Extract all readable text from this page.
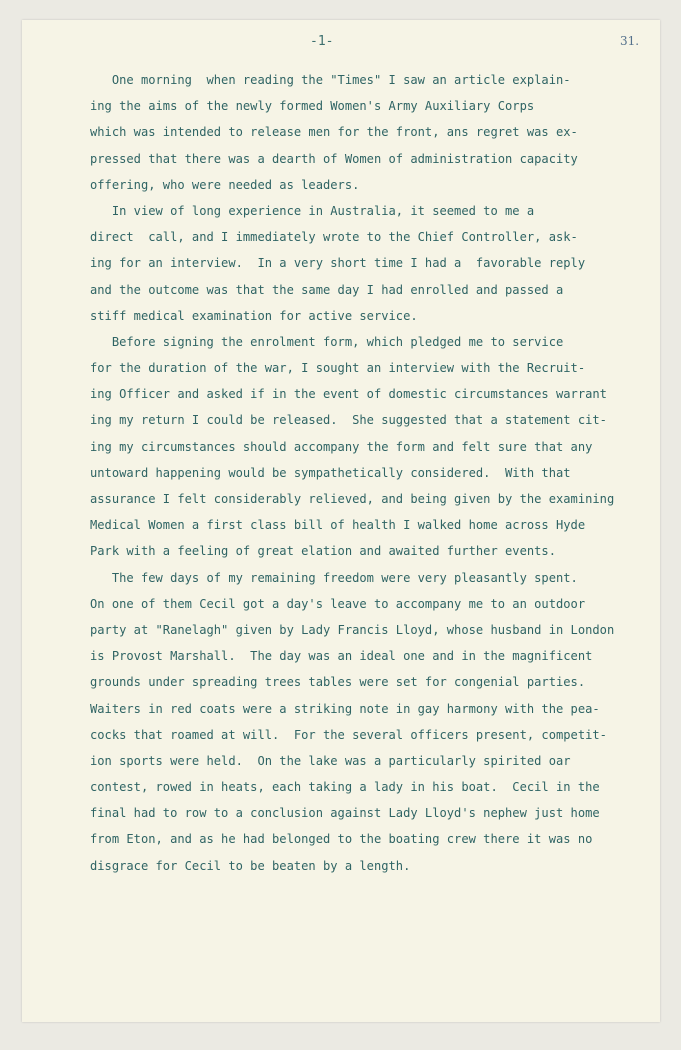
-1-	31.
One morning  when reading the "Times" I saw an article explain-
ing the aims of the newly formed Women's Army Auxiliary Corps
which was intended to release men for the front, ans regret was ex-
pressed that there was a dearth of Women of administration capacity
offering, who were needed as leaders.
In view of long experience in Australia, it seemed to me a
direct  call, and I immediately wrote to the Chief Controller, ask-
ing for an interview.  In a very short time I had a  favorable reply
and the outcome was that the same day I had enrolled and passed a
stiff medical examination for active service.
Before signing the enrolment form, which pledged me to service
for the duration of the war, I sought an interview with the Recruit-
ing Officer and asked if in the event of domestic circumstances warrant
ing my return I could be released.  She suggested that a statement cit-
ing my circumstances should accompany the form and felt sure that any
untoward happening would be sympathetically considered.  With that
assurance I felt considerably relieved, and being given by the examining
Medical Women a first class bill of health I walked home across Hyde
Park with a feeling of great elation and awaited further events.
The few days of my remaining freedom were very pleasantly spent.
On one of them Cecil got a day's leave to accompany me to an outdoor
party at "Ranelagh" given by Lady Francis Lloyd, whose husband in London
is Provost Marshall.  The day was an ideal one and in the magnificent
grounds under spreading trees tables were set for congenial parties.
Waiters in red coats were a striking note in gay harmony with the pea-
cocks that roamed at will.  For the several officers present, competit-
ion sports were held.  On the lake was a particularly spirited oar
contest, rowed in heats, each taking a lady in his boat.  Cecil in the
final had to row to a conclusion against Lady Lloyd's nephew just home
from Eton, and as he had belonged to the boating crew there it was no
disgrace for Cecil to be beaten by a length.
